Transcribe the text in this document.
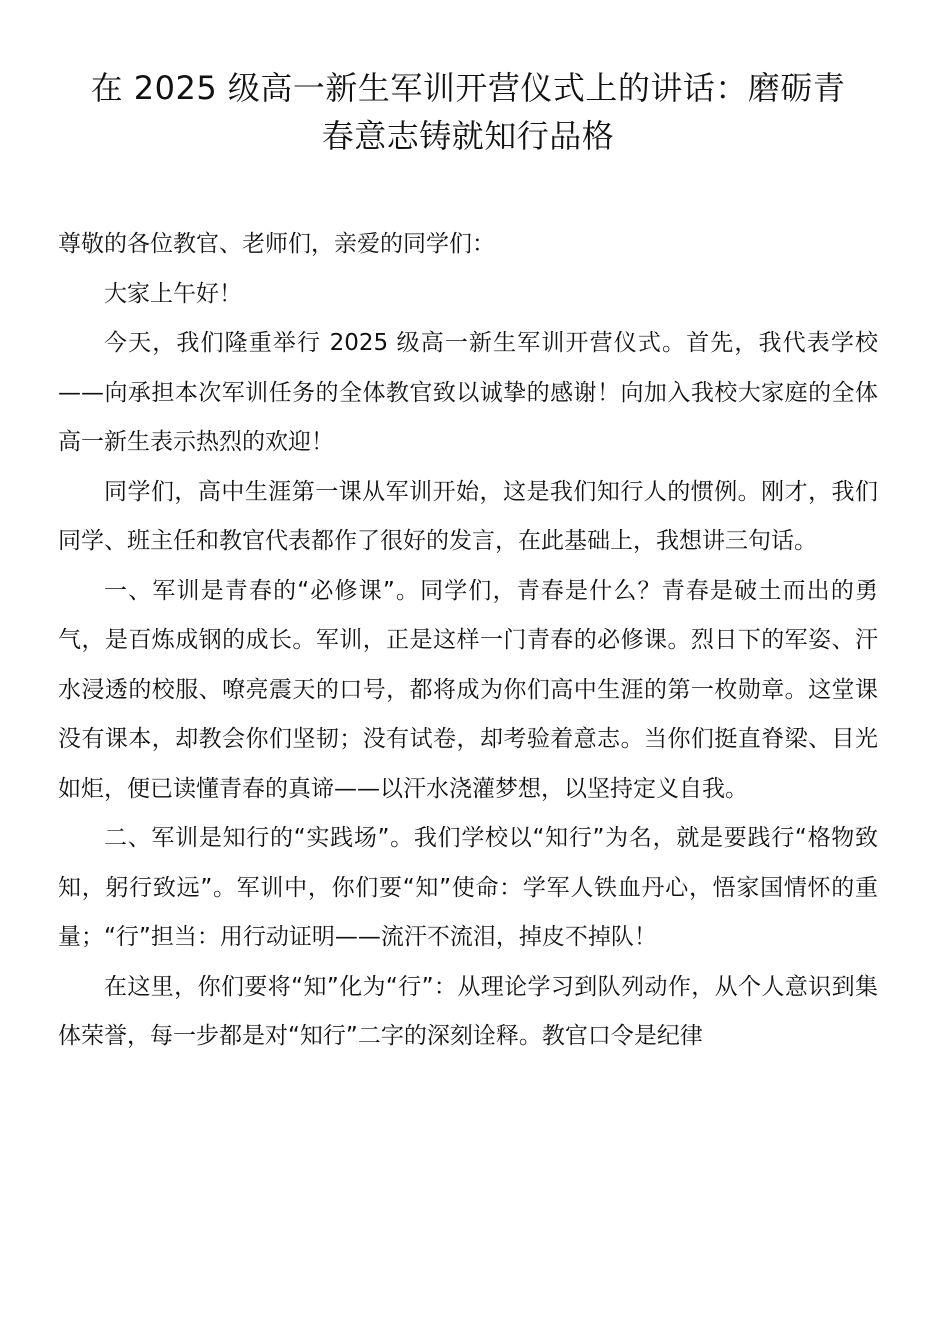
在 2025 级高一新生军训开营仪式上的讲话：磨砺青
春意志铸就知行品格

尊敬的各位教官、老师们，亲爱的同学们：

大家上午好！

今天，我们隆重举行 2025 级高一新生军训开营仪式。首先，我代表学校——向承担本次军训任务的全体教官致以诚挚的感谢！向加入我校大家庭的全体高一新生表示热烈的欢迎！

同学们，高中生涯第一课从军训开始，这是我们知行人的惯例。刚才，我们同学、班主任和教官代表都作了很好的发言，在此基础上，我想讲三句话。

一、军训是青春的“必修课”。同学们，青春是什么？青春是破土而出的勇气，是百炼成钢的成长。军训，正是这样一门青春的必修课。烈日下的军姿、汗水浸透的校服、嘹亮震天的口号，都将成为你们高中生涯的第一枚勋章。这堂课没有课本，却教会你们坚韧；没有试卷，却考验着意志。当你们挺直脊梁、目光如炬，便已读懂青春的真谛——以汗水浇灌梦想，以坚持定义自我。

二、军训是知行的“实践场”。我们学校以“知行”为名，就是要践行“格物致知，躬行致远”。军训中，你们要“知”使命：学军人铁血丹心，悟家国情怀的重量；“行”担当：用行动证明——流汗不流泪，掉皮不掉队！

在这里，你们要将“知”化为“行”：从理论学习到队列动作，从个人意识到集体荣誉，每一步都是对“知行”二字的深刻诠释。教官口令是纪律
